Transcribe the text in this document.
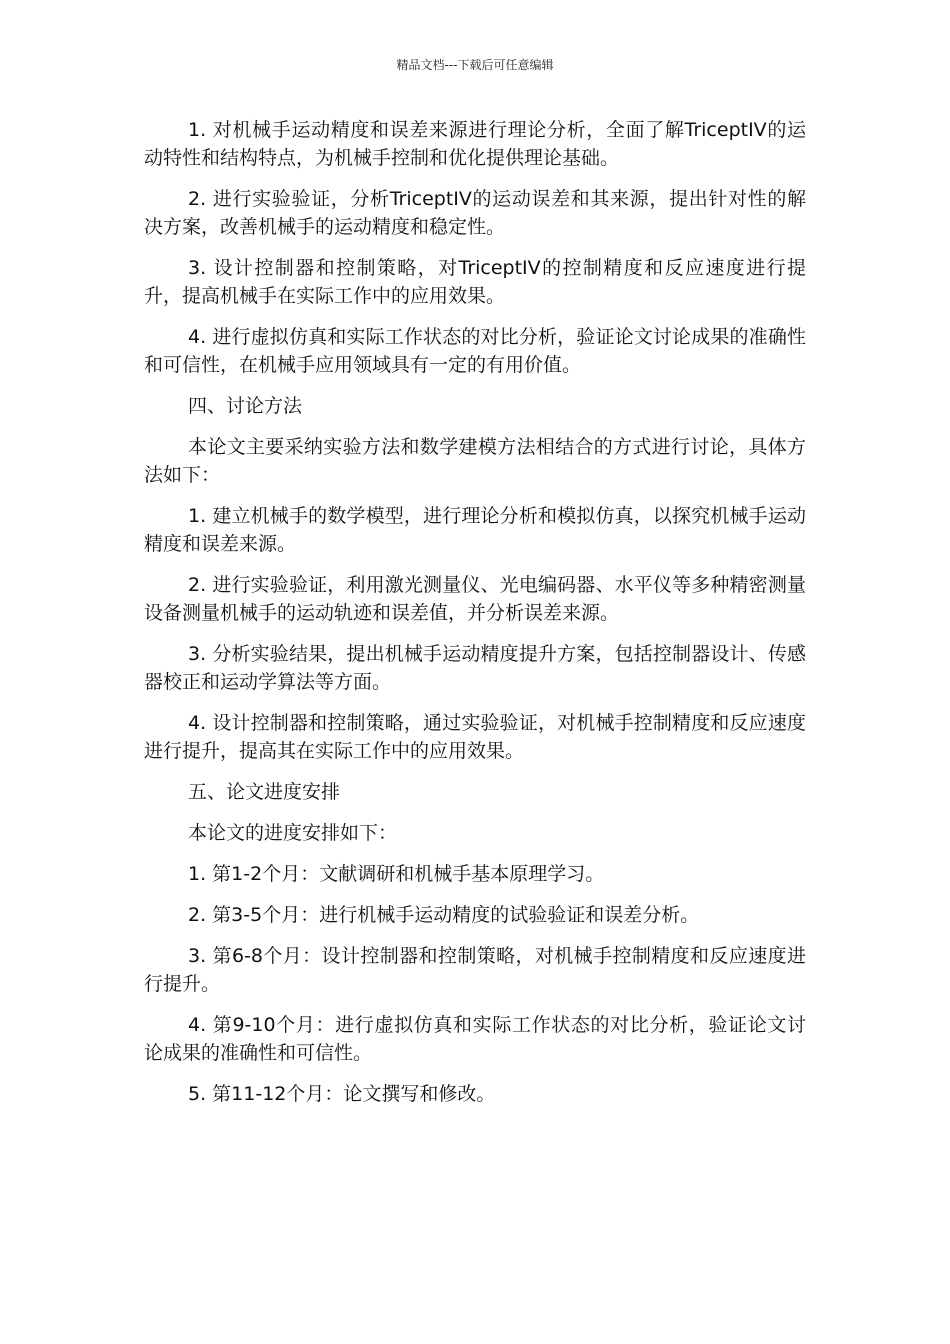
精品文档---下载后可任意编辑

1. 对机械手运动精度和误差来源进行理论分析，全面了解TriceptIV的运动特性和结构特点，为机械手控制和优化提供理论基础。

2. 进行实验验证，分析TriceptIV的运动误差和其来源，提出针对性的解决方案，改善机械手的运动精度和稳定性。

3. 设计控制器和控制策略，对TriceptIV的控制精度和反应速度进行提升，提高机械手在实际工作中的应用效果。

4. 进行虚拟仿真和实际工作状态的对比分析，验证论文讨论成果的准确性和可信性，在机械手应用领域具有一定的有用价值。

四、讨论方法

本论文主要采纳实验方法和数学建模方法相结合的方式进行讨论，具体方法如下：

1. 建立机械手的数学模型，进行理论分析和模拟仿真，以探究机械手运动精度和误差来源。

2. 进行实验验证，利用激光测量仪、光电编码器、水平仪等多种精密测量设备测量机械手的运动轨迹和误差值，并分析误差来源。

3. 分析实验结果，提出机械手运动精度提升方案，包括控制器设计、传感器校正和运动学算法等方面。

4. 设计控制器和控制策略，通过实验验证，对机械手控制精度和反应速度进行提升，提高其在实际工作中的应用效果。

五、论文进度安排

本论文的进度安排如下：

1. 第1-2个月：文献调研和机械手基本原理学习。

2. 第3-5个月：进行机械手运动精度的试验验证和误差分析。

3. 第6-8个月：设计控制器和控制策略，对机械手控制精度和反应速度进行提升。

4. 第9-10个月：进行虚拟仿真和实际工作状态的对比分析，验证论文讨论成果的准确性和可信性。

5. 第11-12个月：论文撰写和修改。
